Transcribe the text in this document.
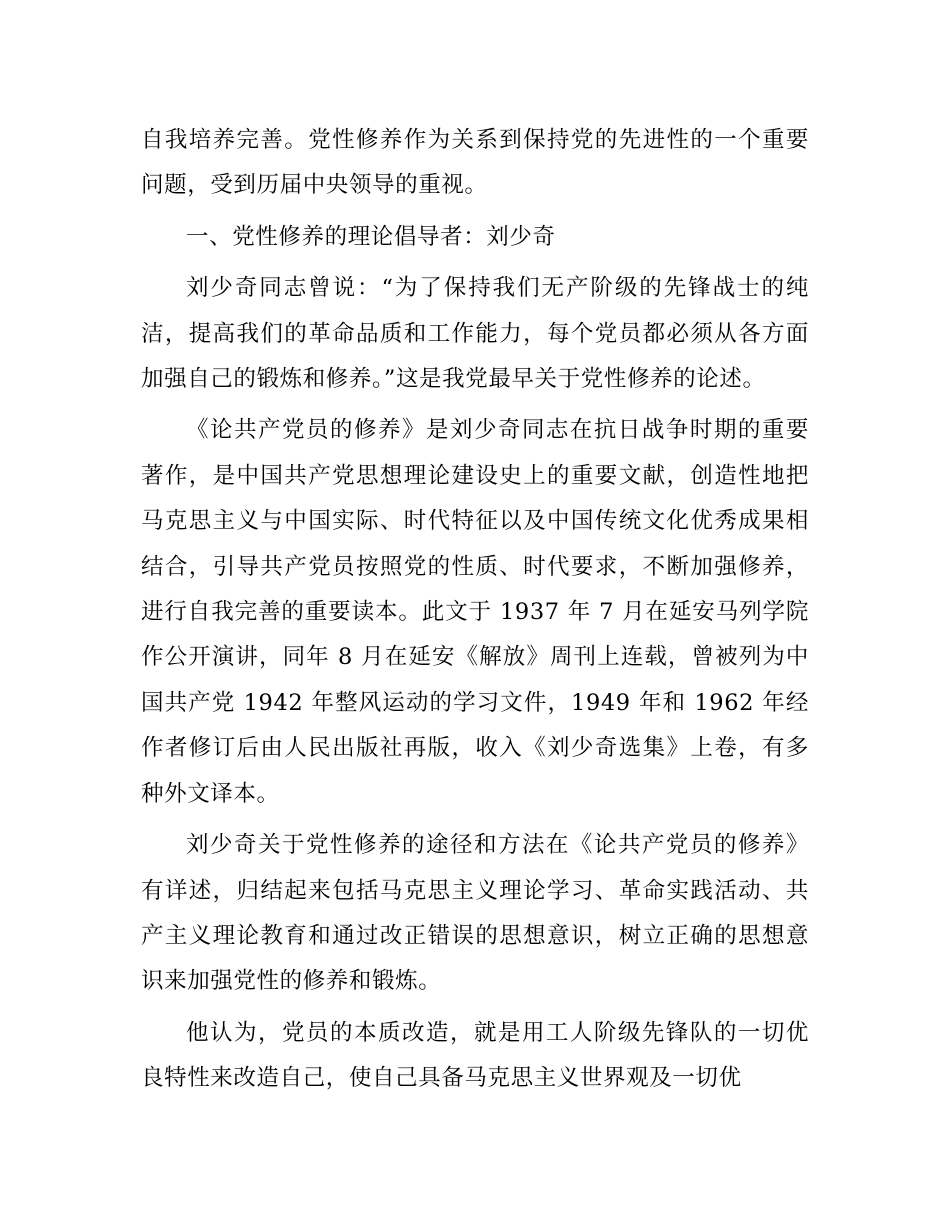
自我培养完善。党性修养作为关系到保持党的先进性的一个重要问题，受到历届中央领导的重视。

一、党性修养的理论倡导者：刘少奇

刘少奇同志曾说：“为了保持我们无产阶级的先锋战士的纯洁，提高我们的革命品质和工作能力，每个党员都必须从各方面加强自己的锻炼和修养。”这是我党最早关于党性修养的论述。

《论共产党员的修养》是刘少奇同志在抗日战争时期的重要著作，是中国共产党思想理论建设史上的重要文献，创造性地把马克思主义与中国实际、时代特征以及中国传统文化优秀成果相结合，引导共产党员按照党的性质、时代要求，不断加强修养，进行自我完善的重要读本。此文于 1937 年 7 月在延安马列学院作公开演讲，同年 8 月在延安《解放》周刊上连载，曾被列为中国共产党 1942 年整风运动的学习文件，1949 年和 1962 年经作者修订后由人民出版社再版，收入《刘少奇选集》上卷，有多种外文译本。

刘少奇关于党性修养的途径和方法在《论共产党员的修养》有详述，归结起来包括马克思主义理论学习、革命实践活动、共产主义理论教育和通过改正错误的思想意识，树立正确的思想意识来加强党性的修养和锻炼。

他认为，党员的本质改造，就是用工人阶级先锋队的一切优良特性来改造自己，使自己具备马克思主义世界观及一切优
